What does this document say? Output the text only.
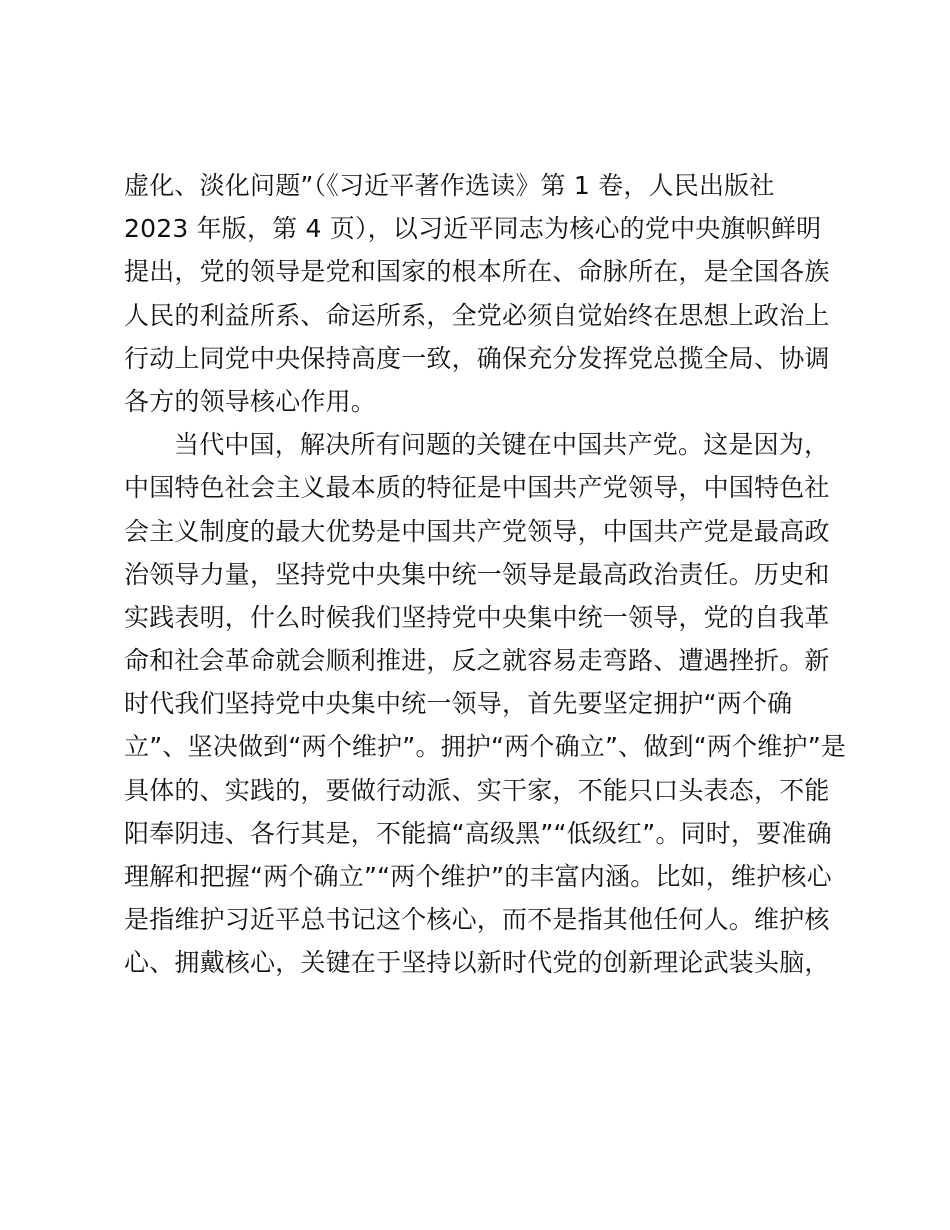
虚化、淡化问题”（《习近平著作选读》第 1 卷，人民出版社
2023 年版，第 4 页），以习近平同志为核心的党中央旗帜鲜明
提出，党的领导是党和国家的根本所在、命脉所在，是全国各族
人民的利益所系、命运所系，全党必须自觉始终在思想上政治上
行动上同党中央保持高度一致，确保充分发挥党总揽全局、协调
各方的领导核心作用。
当代中国，解决所有问题的关键在中国共产党。这是因为，
中国特色社会主义最本质的特征是中国共产党领导，中国特色社
会主义制度的最大优势是中国共产党领导，中国共产党是最高政
治领导力量，坚持党中央集中统一领导是最高政治责任。历史和
实践表明，什么时候我们坚持党中央集中统一领导，党的自我革
命和社会革命就会顺利推进，反之就容易走弯路、遭遇挫折。新
时代我们坚持党中央集中统一领导，首先要坚定拥护“两个确
立”、坚决做到“两个维护”。拥护“两个确立”、做到“两个维护”是
具体的、实践的，要做行动派、实干家，不能只口头表态，不能
阳奉阴违、各行其是，不能搞“高级黑”“低级红”。同时，要准确
理解和把握“两个确立”“两个维护”的丰富内涵。比如，维护核心
是指维护习近平总书记这个核心，而不是指其他任何人。维护核
心、拥戴核心，关键在于坚持以新时代党的创新理论武装头脑，
